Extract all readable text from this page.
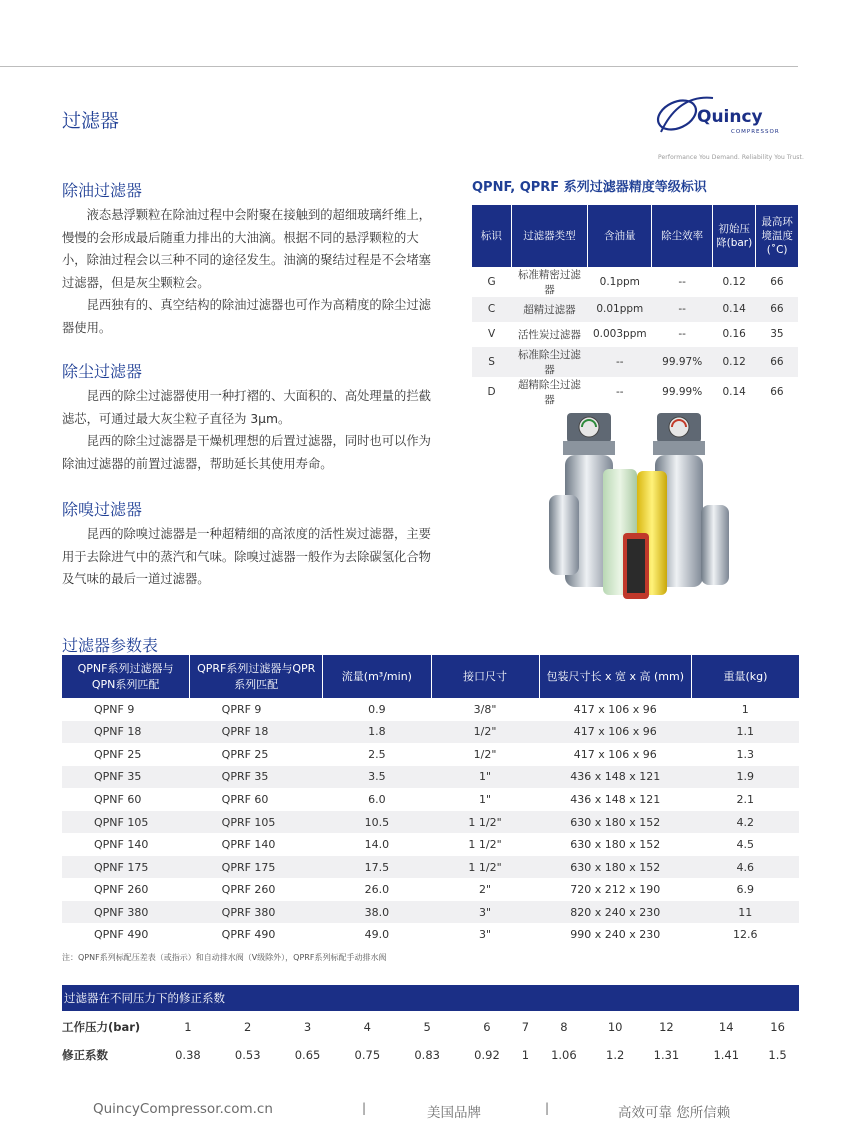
过滤器	Quincy
COMPRESSOR
Performance You Demand. Reliability You Trust.
除油过滤器

液态悬浮颗粒在除油过程中会附聚在接触到的超细玻璃纤维上，慢慢的会形成最后随重力排出的大油滴。根据不同的悬浮颗粒的大小，除油过程会以三种不同的途径发生。油滴的聚结过程是不会堵塞过滤器，但是灰尘颗粒会。

昆西独有的、真空结构的除油过滤器也可作为高精度的除尘过滤器使用。

除尘过滤器

昆西的除尘过滤器使用一种打褶的、大面积的、高处理量的拦截滤芯，可通过最大灰尘粒子直径为 3μm。

昆西的除尘过滤器是干燥机理想的后置过滤器，同时也可以作为除油过滤器的前置过滤器，帮助延长其使用寿命。

除嗅过滤器

昆西的除嗅过滤器是一种超精细的高浓度的活性炭过滤器，主要用于去除进气中的蒸汽和气味。除嗅过滤器一般作为去除碳氢化合物及气味的最后一道过滤器。

QPNF, QPRF 系列过滤器精度等级标识
标识	过滤器类型	含油量	除尘效率	初始压降(bar)	最高环境温度(˚C)
G	标准精密过滤器	0.1ppm	--	0.12	66
C	超精过滤器	0.01ppm	--	0.14	66
V	活性炭过滤器	0.003ppm	--	0.16	35
S	标准除尘过滤器	--	99.97%	0.12	66
D	超精除尘过滤器	--	99.99%	0.14	66
过滤器参数表
QPNF系列过滤器与 QPN系列匹配	QPRF系列过滤器与QPR系列匹配	流量(m³/min)	接口尺寸	包装尺寸长 x 宽 x 高 (mm)	重量(kg)
QPNF 9	QPRF 9	0.9	3/8"	417 x 106 x 96	1
QPNF 18	QPRF 18	1.8	1/2"	417 x 106 x 96	1.1
QPNF 25	QPRF 25	2.5	1/2"	417 x 106 x 96	1.3
QPNF 35	QPRF 35	3.5	1"	436 x 148 x 121	1.9
QPNF 60	QPRF 60	6.0	1"	436 x 148 x 121	2.1
QPNF 105	QPRF 105	10.5	1 1/2"	630 x 180 x 152	4.2
QPNF 140	QPRF 140	14.0	1 1/2"	630 x 180 x 152	4.5
QPNF 175	QPRF 175	17.5	1 1/2"	630 x 180 x 152	4.6
QPNF 260	QPRF 260	26.0	2"	720 x 212 x 190	6.9
QPNF 380	QPRF 380	38.0	3"	820 x 240 x 230	11
QPNF 490	QPRF 490	49.0	3"	990 x 240 x 230	12.6
注：QPNF系列标配压差表（或指示）和自动排水阀（V级除外），QPRF系列标配手动排水阀
过滤器在不同压力下的修正系数
工作压力(bar)	1	2	3	4	5	6	7	8	10	12	14	16
修正系数	0.38	0.53	0.65	0.75	0.83	0.92	1	1.06	1.2	1.31	1.41	1.5
QuincyCompressor.com.cn	|	美国品牌	|	高效可靠 您所信赖
